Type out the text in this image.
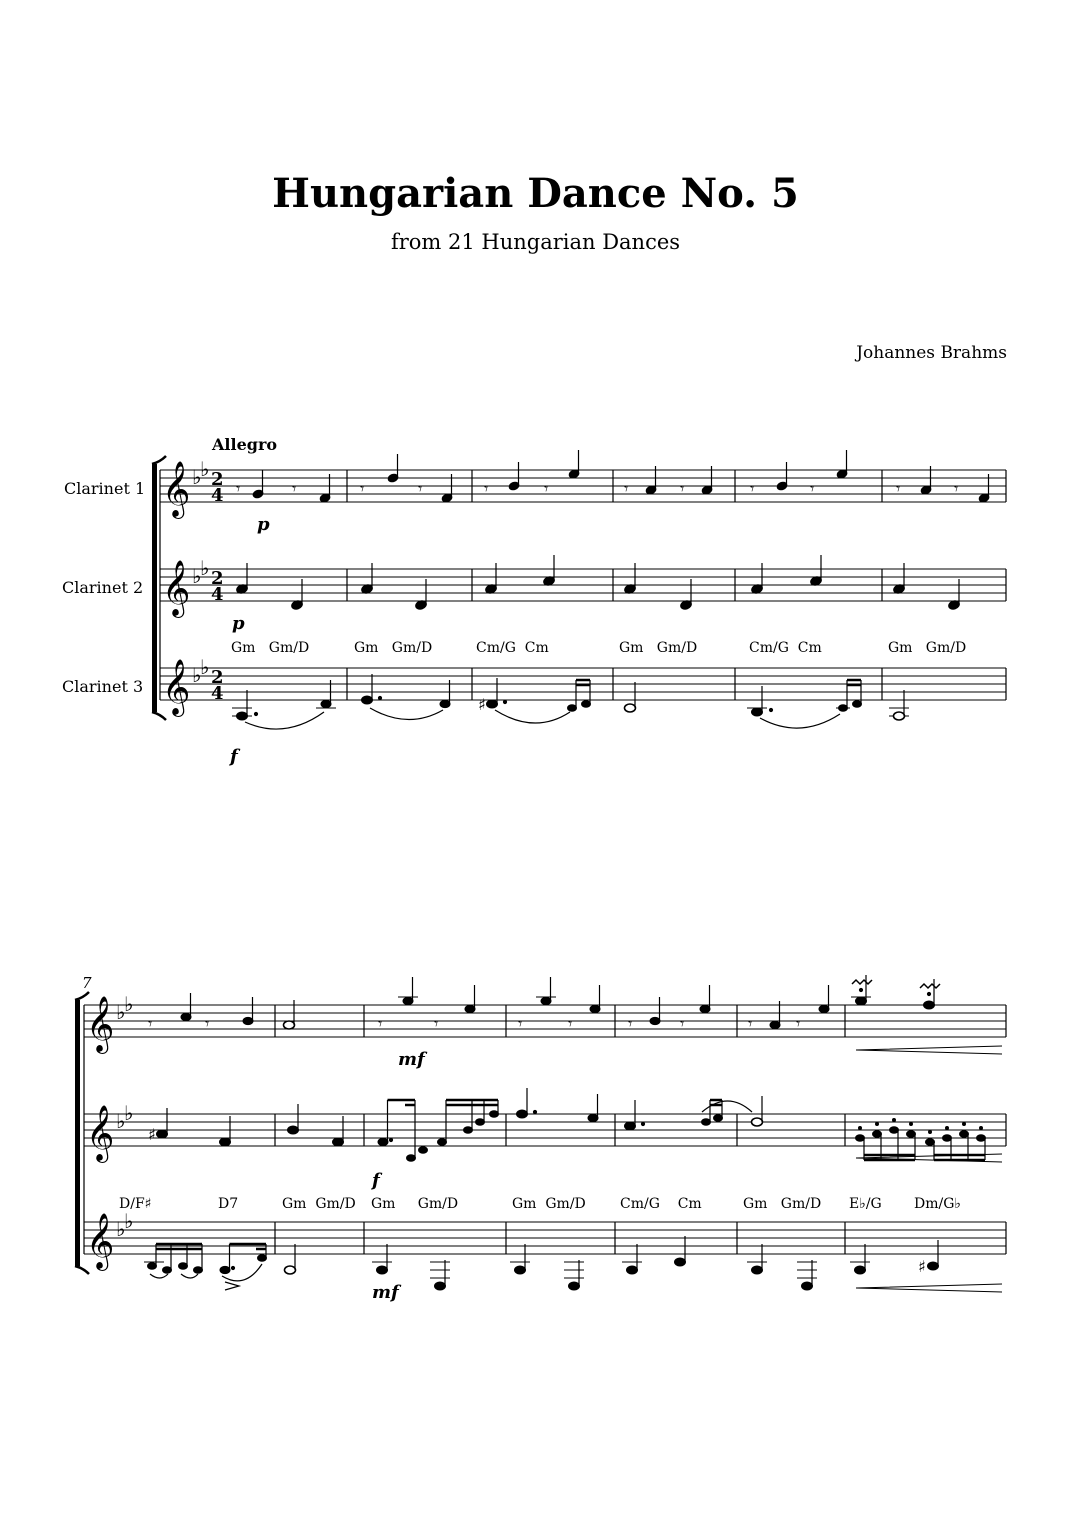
Hungarian Dance No. 5
from 21 Hungarian Dances
Johannes Brahms
Allegro
Clarinet 1
Clarinet 2
Clarinet 3
𝄞
𝄞
𝄞
♭
♭
♭
♭
♭
♭
2
4
2
4
2
4
𝄾	𝄾	𝄾	𝄾	𝄾	𝄾	𝄾	𝄾	𝄾	𝄾	𝄾	𝄾
p
p
Gm   Gm/D	Gm   Gm/D	Cm/G  Cm	Gm   Gm/D	Cm/G  Cm	Gm   Gm/D
♯
f
7
𝄞
𝄞
𝄞
♭
♭
♭
♭
♭
♭
𝄾	𝄾	𝄾	𝄾	𝄾	𝄾	𝄾	𝄾	𝄾	𝄾
mf
♯
f
D/F♯	D7	Gm  Gm/D Gm     Gm/D	Gm  Gm/D Cm/G    Cm	Gm   Gm/D E♭/G Dm/G♭
♯
mf
